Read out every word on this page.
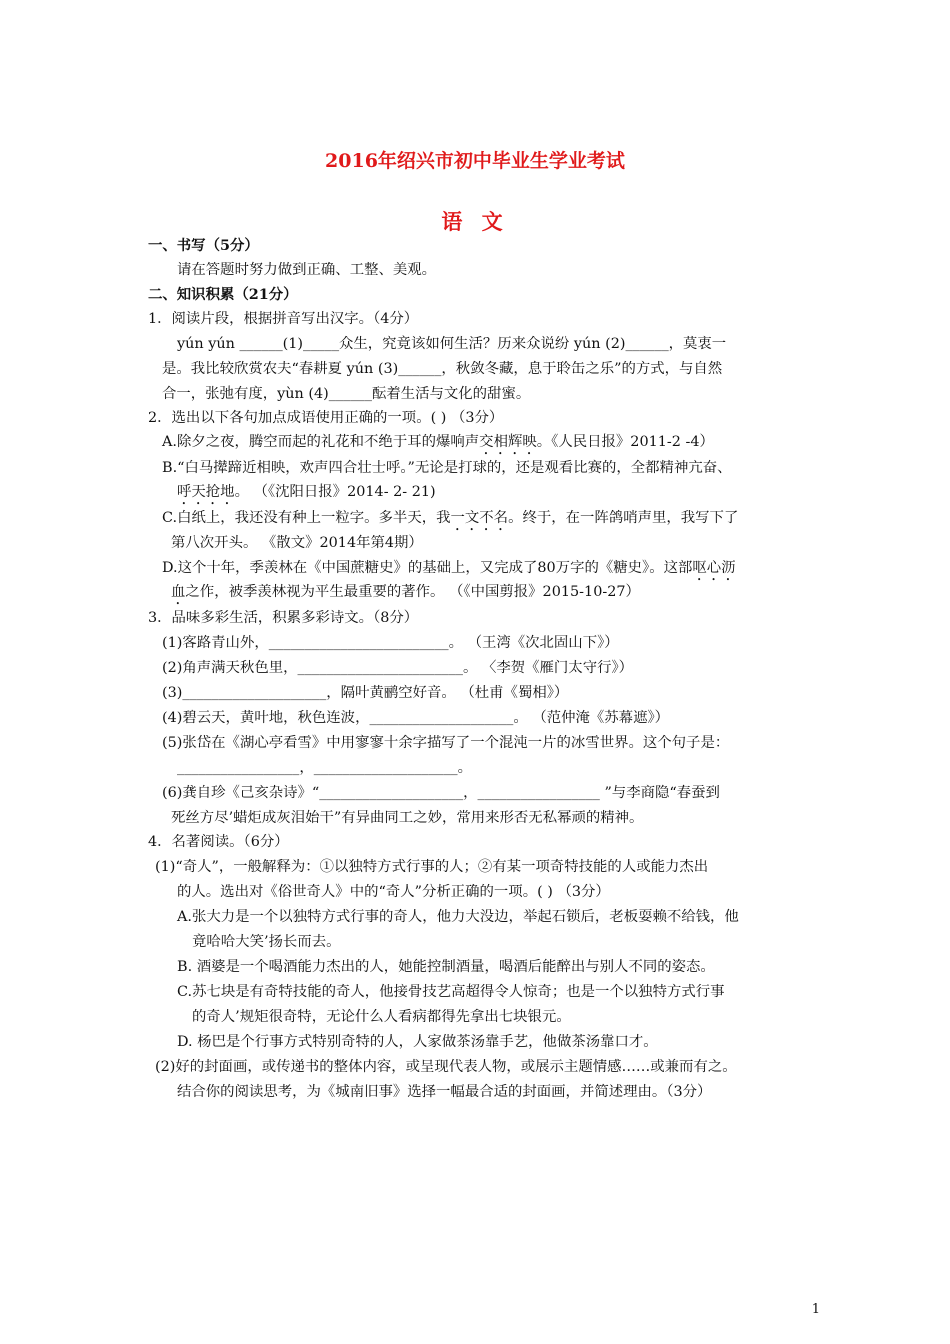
2016年绍兴市初中毕业生学业考试
语 文
一、书写（5分）
请在答题时努力做到正确、工整、美观。
二、知识积累（21分）
1．阅读片段，根据拼音写出汉字。（4分）
yún yún ______(1)_____众生，究竟该如何生活？历来众说纷 yún (2)______，莫衷一
是。我比较欣赏农夫“春耕夏 yún (3)______，秋敛冬藏，息于聆缶之乐”的方式，与自然
合一，张弛有度，yùn (4)______酝着生活与文化的甜蜜。
2．选出以下各句加点成语使用正确的一项。( ) （3分）
A.除夕之夜，腾空而起的礼花和不绝于耳的爆响声交相辉映。《人民日报》2011-2 -4）
B.“白马撵蹄近相映，欢声四合壮士呼。”无论是打球的，还是观看比赛的，全都精神亢奋、
呼天抢地。 （《沈阳日报》2014- 2- 21)
C.白纸上，我还没有种上一粒字。多半天，我一文不名。终于，在一阵鸽哨声里，我写下了
第八次开头。 《散文》2014年第4期）
D.这个十年，季羡林在《中国蔗糖史》的基础上，又完成了80万字的《糖史》。这部呕心沥
血之作，被季羡林视为平生最重要的著作。 （《中国剪报》2015-10-27）
3．品味多彩生活，积累多彩诗文。（8分）
(1)客路青山外，_________________________。 （王湾《次北固山下》）
(2)角声满天秋色里，_______________________。 〈李贺《雁门太守行》）
(3)____________________，隔叶黄鹂空好音。 （杜甫《蜀相》）
(4)碧云天，黄叶地，秋色连波，____________________。 （范仲淹《苏幕遮》）
(5)张岱在《湖心亭看雪》中用寥寥十余字描写了一个混沌一片的冰雪世界。这个句子是：
_________________，____________________。
(6)龚自珍《己亥杂诗》“____________________，_________________ ”与李商隐“春蚕到
死丝方尽’蜡炬成灰泪始干”有异曲同工之妙，常用来形否无私幂顽的精神。
4．名著阅读。（6分）
(1)“奇人”，一般解释为：①以独特方式行事的人；②有某一项奇特技能的人或能力杰出
的人。选出对《俗世奇人》中的“奇人”分析正确的一项。( ) （3分）
A.张大力是一个以独特方式行事的奇人，他力大没边，举起石锁后，老板耍赖不给钱，他
竟哈哈大笑’扬长而去。
B. 酒婆是一个喝酒能力杰出的人，她能控制酒量，喝酒后能醉出与别人不同的姿态。
C.苏七块是有奇特技能的奇人，他接骨技艺高超得令人惊奇；也是一个以独特方式行事
的奇人’规矩很奇特，无论什么人看病都得先拿出七块银元。
D. 杨巴是个行事方式特别奇特的人，人家做茶汤靠手艺，他做茶汤靠口才。
(2)好的封面画，或传递书的整体内容，或呈现代表人物，或展示主题情感……或兼而有之。
结合你的阅读思考，为《城南旧事》选择一幅最合适的封面画，并简述理由。（3分）
1
